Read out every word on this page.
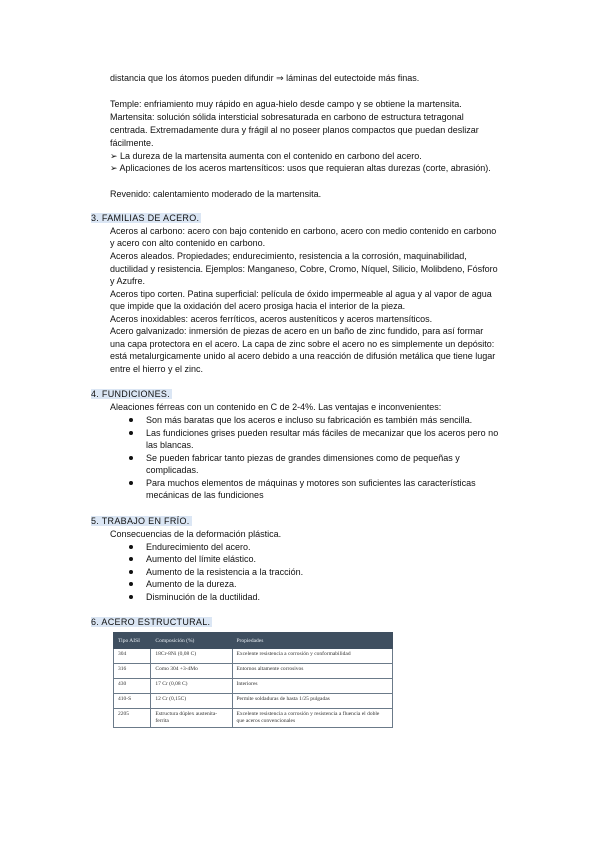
distancia que los átomos pueden difundir ⇒ láminas del eutectoide más finas.
Temple: enfriamiento muy rápido en agua-hielo desde campo γ se obtiene la martensita.
Martensita: solución sólida intersticial sobresaturada en carbono de estructura tetragonal
centrada. Extremadamente dura y frágil al no poseer planos compactos que puedan deslizar
fácilmente.
➢ La dureza de la martensita aumenta con el contenido en carbono del acero.
➢ Aplicaciones de los aceros martensíticos: usos que requieran altas durezas (corte, abrasión).
Revenido: calentamiento moderado de la martensita.
3. FAMILIAS DE ACERO.
Aceros al carbono: acero con bajo contenido en carbono, acero con medio contenido en carbono
y acero con alto contenido en carbono.
Aceros aleados. Propiedades; endurecimiento, resistencia a la corrosión, maquinabilidad,
ductilidad y resistencia. Ejemplos: Manganeso, Cobre, Cromo, Níquel, Silicio, Molibdeno, Fósforo
y Azufre.
Aceros tipo corten. Patina superficial: película de óxido impermeable al agua y al vapor de agua
que impide que la oxidación del acero prosiga hacia el interior de la pieza.
Aceros inoxidables: aceros ferríticos, aceros austeníticos y aceros martensíticos.
Acero galvanizado: inmersión de piezas de acero en un baño de zinc fundido, para así formar
una capa protectora en el acero. La capa de zinc sobre el acero no es simplemente un depósito:
está metalurgicamente unido al acero debido a una reacción de difusión metálica que tiene lugar
entre el hierro y el zinc.
4. FUNDICIONES.
Aleaciones férreas con un contenido en C de 2-4%. Las ventajas e inconvenientes:
Son más baratas que los aceros e incluso su fabricación es también más sencilla.
Las fundiciones grises pueden resultar más fáciles de mecanizar que los aceros pero no
las blancas.
Se pueden fabricar tanto piezas de grandes dimensiones como de pequeñas y
complicadas.
Para muchos elementos de máquinas y motores son suficientes las características
mecánicas de las fundiciones
5. TRABAJO EN FRÍO.
Consecuencias de la deformación plástica.
Endurecimiento del acero.
Aumento del límite elástico.
Aumento de la resistencia a la tracción.
Aumento de la dureza.
Disminución de la ductilidad.
6. ACERO ESTRUCTURAL.
Tipo AISI	Composición (%)	Propiedades
304	18Cr-8Ni (0,08 C)	Excelente resistencia a corrosión y conformabilidad
316	Como 304 +3-4Mo	Entornos altamente corrosivos
430	17 Cr (0,08 C)	Interiores
410-S	12 Cr (0,15C)	Permite soldaduras de hasta 1/25 pulgadas
2205	Estructura dúplex austenita-ferrita	Excelente resistencia a corrosión y resistencia a fluencia el doble que aceros convencionales
